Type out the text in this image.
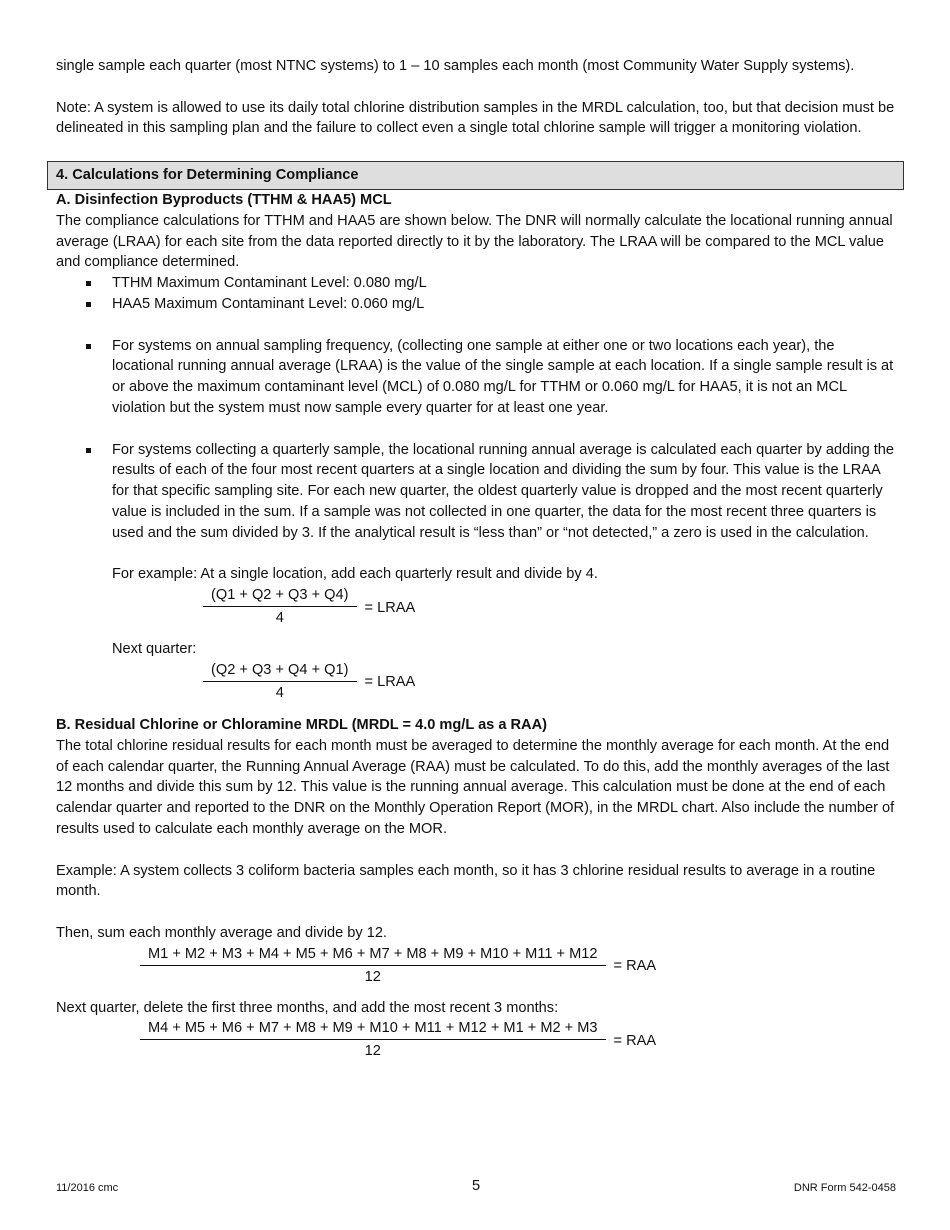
single sample each quarter (most NTNC systems) to 1 – 10 samples each month (most Community Water Supply systems).

Note: A system is allowed to use its daily total chlorine distribution samples in the MRDL calculation, too, but that decision must be delineated in this sampling plan and the failure to collect even a single total chlorine sample will trigger a monitoring violation.

4. Calculations for Determining Compliance

A. Disinfection Byproducts (TTHM & HAA5) MCL

The compliance calculations for TTHM and HAA5 are shown below. The DNR will normally calculate the locational running annual average (LRAA) for each site from the data reported directly to it by the laboratory. The LRAA will be compared to the MCL value and compliance determined.

TTHM Maximum Contaminant Level: 0.080 mg/L
HAA5 Maximum Contaminant Level: 0.060 mg/L
For systems on annual sampling frequency, (collecting one sample at either one or two locations each year), the locational running annual average (LRAA) is the value of the single sample at each location. If a single sample result is at or above the maximum contaminant level (MCL) of 0.080 mg/L for TTHM or 0.060 mg/L for HAA5, it is not an MCL violation but the system must now sample every quarter for at least one year.
For systems collecting a quarterly sample, the locational running annual average is calculated each quarter by adding the results of each of the four most recent quarters at a single location and dividing the sum by four. This value is the LRAA for that specific sampling site. For each new quarter, the oldest quarterly value is dropped and the most recent quarterly value is included in the sum. If a sample was not collected in one quarter, the data for the most recent three quarters is used and the sum divided by 3. If the analytical result is “less than” or “not detected,” a zero is used in the calculation.

For example: At a single location, add each quarterly result and divide by 4.

$\frac{(Q1 + Q2 + Q3 + Q4)}{4}$ = LRAA

Next quarter:

$\frac{(Q2 + Q3 + Q4 + Q1)}{4}$ = LRAA

B. Residual Chlorine or Chloramine MRDL (MRDL = 4.0 mg/L as a RAA)

The total chlorine residual results for each month must be averaged to determine the monthly average for each month. At the end of each calendar quarter, the Running Annual Average (RAA) must be calculated. To do this, add the monthly averages of the last 12 months and divide this sum by 12. This value is the running annual average. This calculation must be done at the end of each calendar quarter and reported to the DNR on the Monthly Operation Report (MOR), in the MRDL chart. Also include the number of results used to calculate each monthly average on the MOR.

Example: A system collects 3 coliform bacteria samples each month, so it has 3 chlorine residual results to average in a routine month.

Then, sum each monthly average and divide by 12.

$\frac{M1 + M2 + M3 + M4 + M5 + M6 + M7 + M8 + M9 + M10 + M11 + M12}{12}$ = RAA

Next quarter, delete the first three months, and add the most recent 3 months:

$\frac{M4 + M5 + M6 + M7 + M8 + M9 + M10 + M11 + M12 + M1 + M2 + M3}{12}$ = RAA
11/2016 cmc	5	DNR Form 542-0458
